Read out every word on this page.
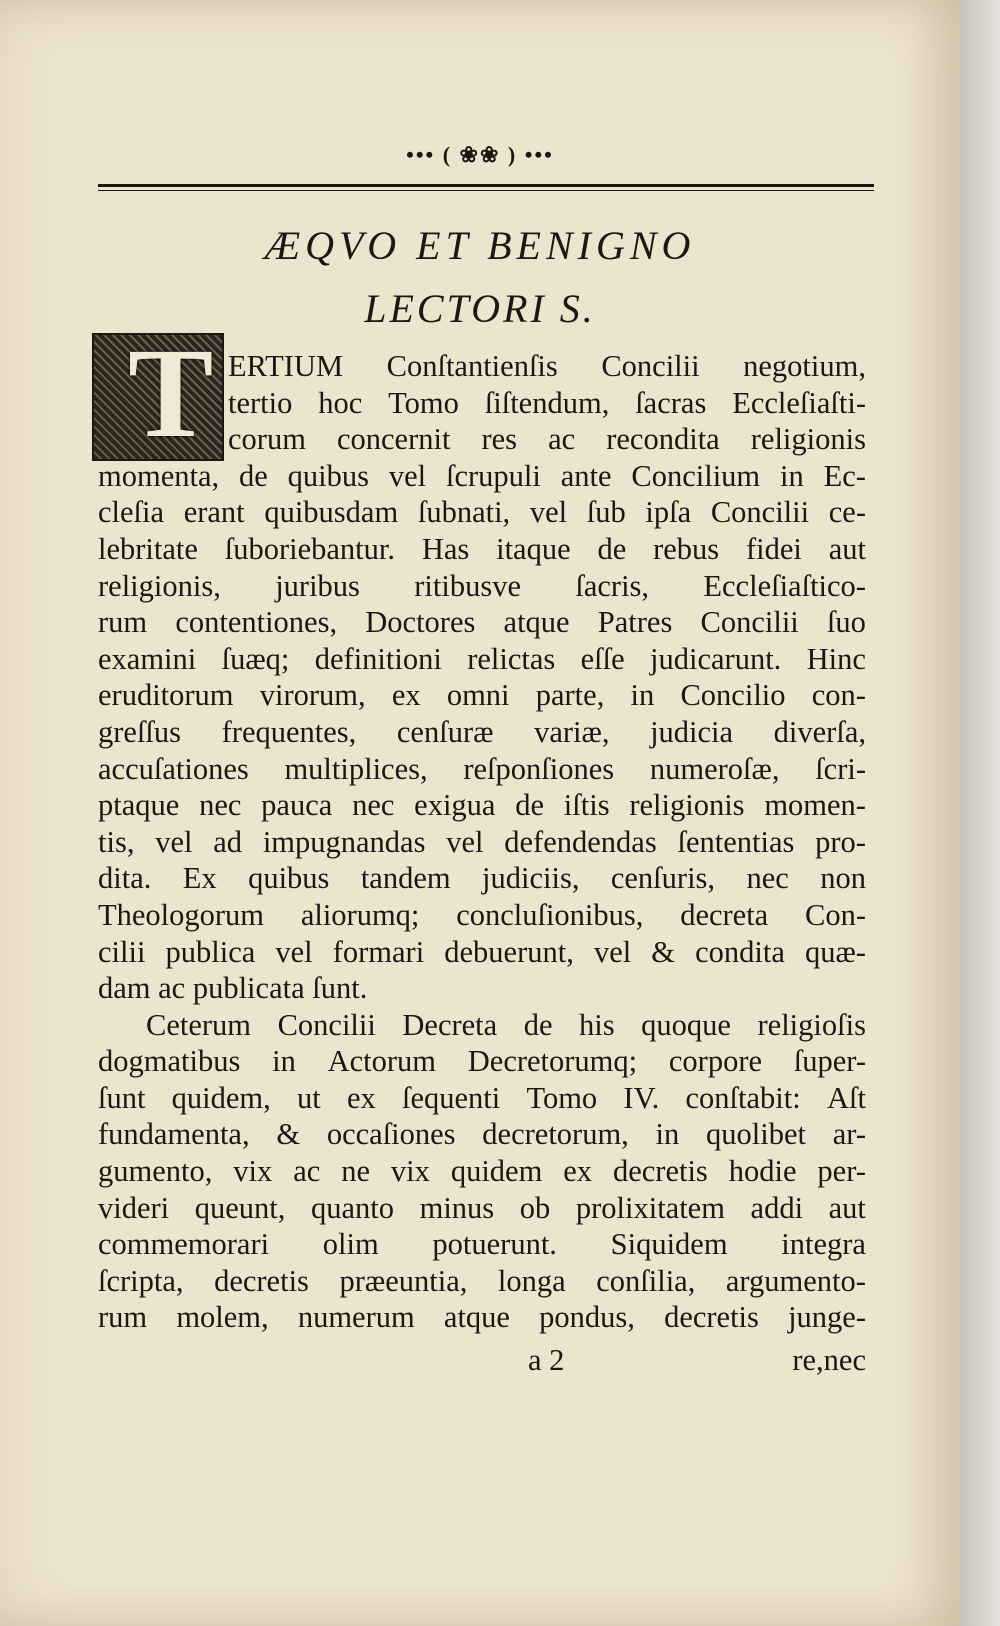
••• ( ❀❀ ) •••
ÆQVO ET BENIGNO
LECTORI S.
T ERTIUM Conſtantienſis Concilii negotium,
tertio hoc Tomo ſiſtendum, ſacras Eccleſiaſti-
corum concernit res ac recondita religionis
momenta, de quibus vel ſcrupuli ante Concilium in Ec-
cleſia erant quibusdam ſubnati, vel ſub ipſa Concilii ce-
lebritate ſuboriebantur. Has itaque de rebus fidei aut
religionis, juribus ritibusve ſacris, Eccleſiaſtico-
rum contentiones, Doctores atque Patres Concilii ſuo
examini ſuæq; definitioni relictas eſſe judicarunt. Hinc
eruditorum virorum, ex omni parte, in Concilio con-
greſſus frequentes, cenſuræ variæ, judicia diverſa,
accuſationes multiplices, reſponſiones numeroſæ, ſcri-
ptaque nec pauca nec exigua de iſtis religionis momen-
tis, vel ad impugnandas vel defendendas ſententias pro-
dita. Ex quibus tandem judiciis, cenſuris, nec non
Theologorum aliorumq; concluſionibus, decreta Con-
cilii publica vel formari debuerunt, vel & condita quæ-
dam ac publicata ſunt.
Ceterum Concilii Decreta de his quoque religioſis
dogmatibus in Actorum Decretorumq; corpore ſuper-
ſunt quidem, ut ex ſequenti Tomo IV. conſtabit: Aſt
fundamenta, & occaſiones decretorum, in quolibet ar-
gumento, vix ac ne vix quidem ex decretis hodie per-
videri queunt, quanto minus ob prolixitatem addi aut
commemorari olim potuerunt. Siquidem integra
ſcripta, decretis præeuntia, longa conſilia, argumento-
rum molem, numerum atque pondus, decretis junge-
a 2	re,nec
